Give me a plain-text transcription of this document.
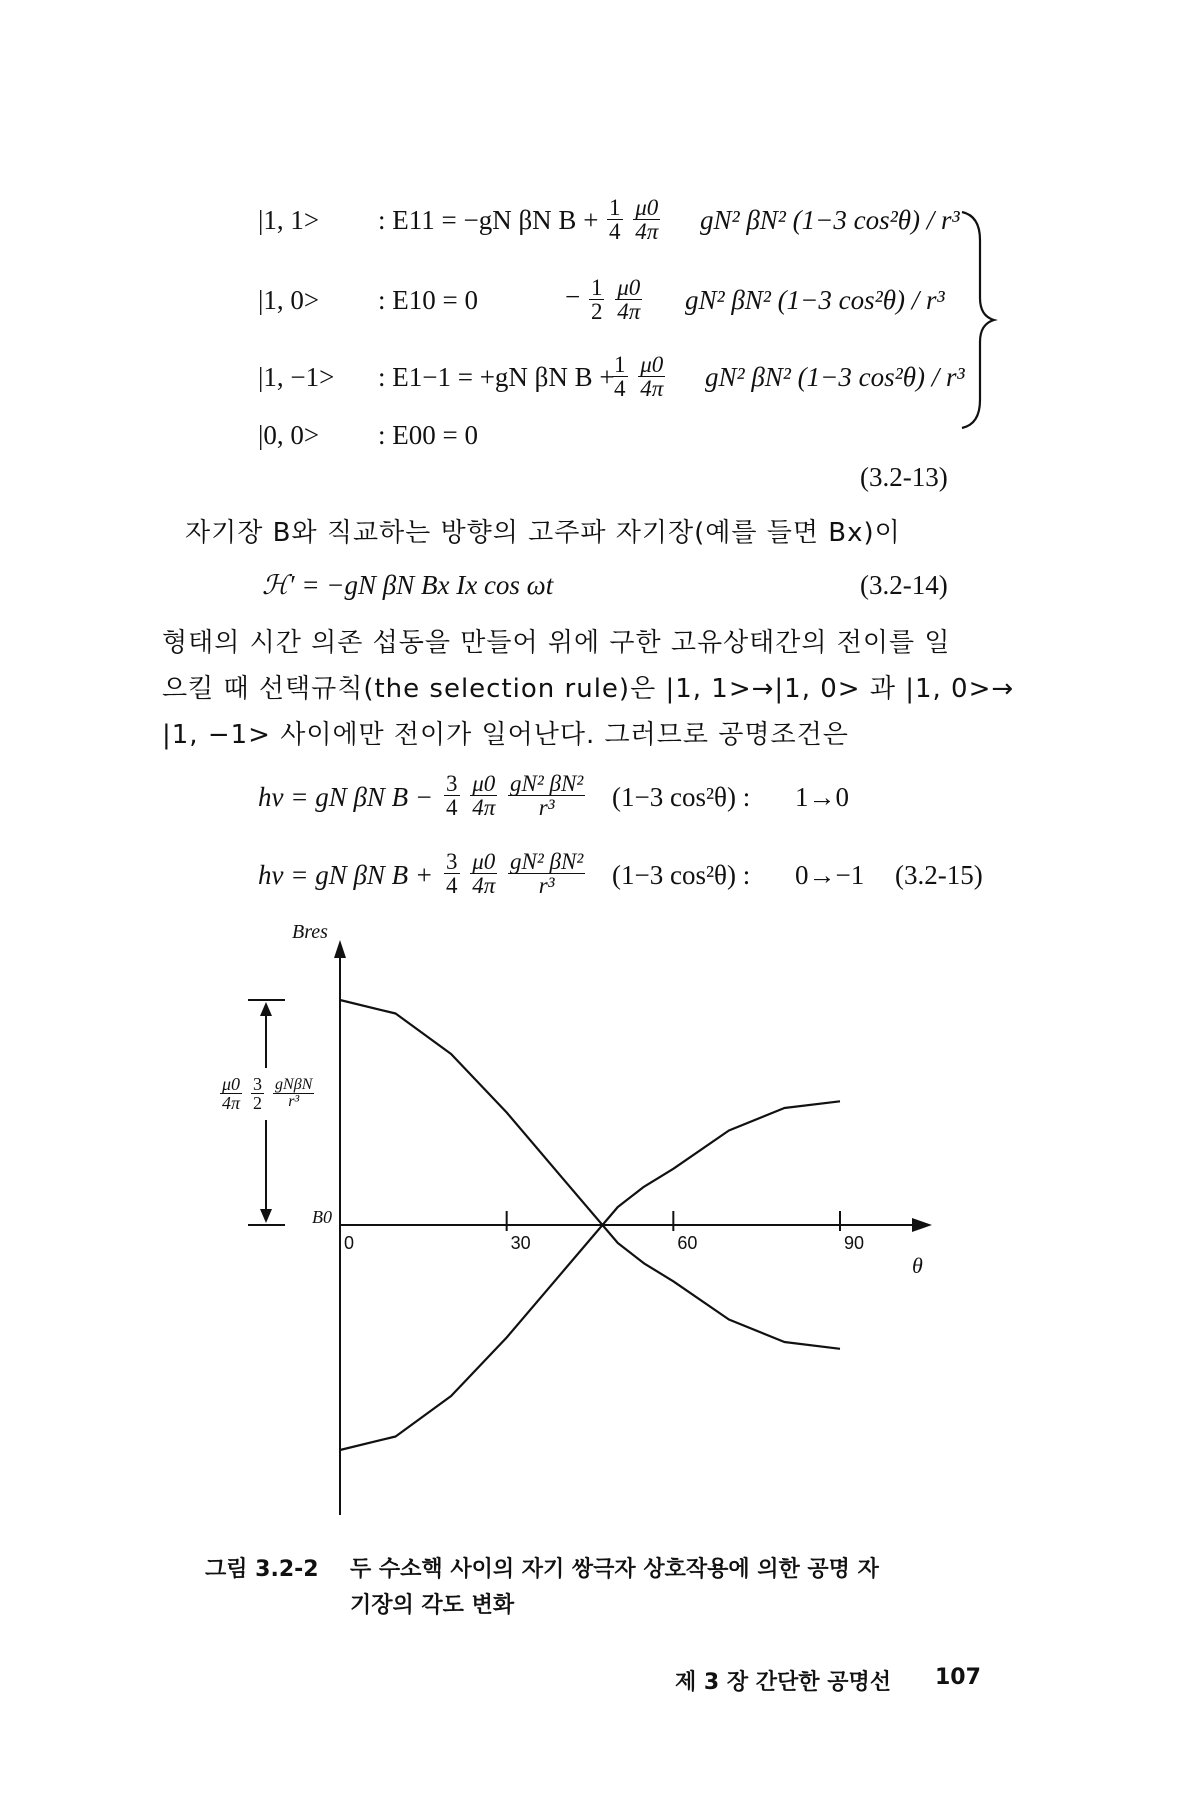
|1, 1> : E11 = −gN βN $B + \frac{1}{4}$
$\frac{\mu 0}{4\pi} gN^2$ βN² (1−3 cos²θ) / r³
|1, 0> : E10 = 0	− $\frac{1}{2}$
$\frac{\mu 0}{4\pi} gN^2$ βN² (1−3 cos²θ) / r³
|1, −1> : E1−1 = +gN βN B +
$\frac{1}{4}$
$\frac{\mu 0}{4\pi} gN^2$ βN² (1−3 cos²θ) / r³
|0, 0> : E00 = 0
(3.2-13)
자기장 B와 직교하는 방향의 고주파 자기장(예를 들면 Bx)이
ℋ′ = −gN βN Bx Ix cos ωt	(3.2-14)
형태의 시간 의존 섭동을 만들어 위에 구한 고유상태간의 전이를 일
으킬 때 선택규칙(the selection rule)은 |1, 1>→|1, 0> 과 |1, 0>→
|1, −1> 사이에만 전이가 일어난다. 그러므로 공명조건은
hν = gN βN $B - \frac{3}{4}$
$\frac{\mu 0}{4\pi}$
$\frac{\text{gN² βN²}}{\text{r³}} (1-3$ cos²θ) : 1→0
hν = gN βN $B + \frac{3}{4}$
$\frac{\mu 0}{4\pi}$
$\frac{\text{gN² βN²}}{\text{r³}} (1-3$ cos²θ) : 0→−1 (3.2-15)
0	30	60	90
Bres
θ
B0
$\frac{\mu 0}{4\pi}$
$\frac{3}{2}$
$\frac{\text{gNβN}}{\text{r³}}$
그림 3.2-2 두 수소핵 사이의 자기 쌍극자 상호작용에 의한 공명 자
기장의 각도 변화
제 3 장 간단한 공명선 107
